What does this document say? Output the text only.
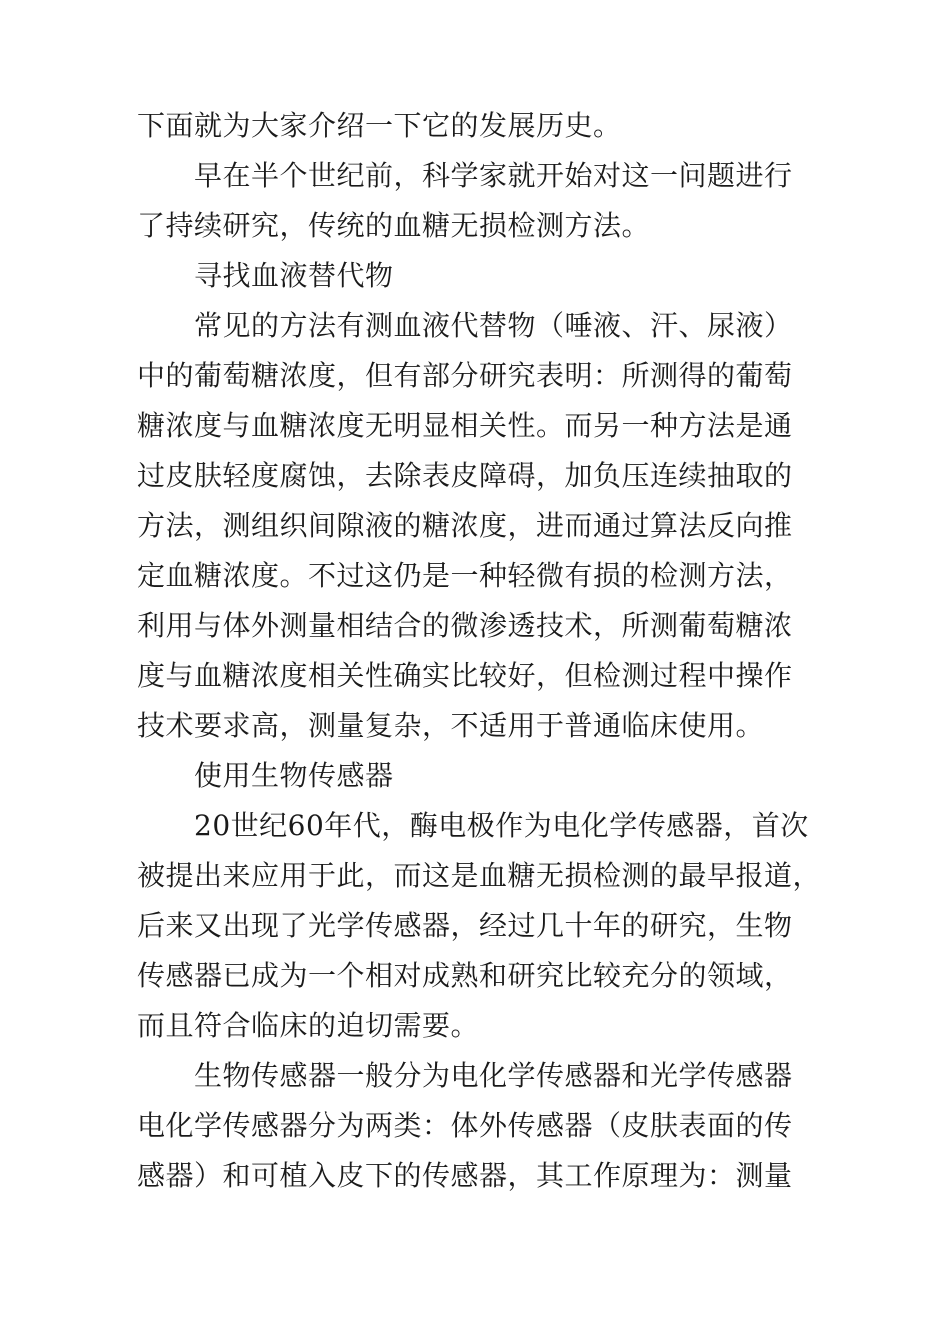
下面就为大家介绍一下它的发展历史。
早在半个世纪前，科学家就开始对这一问题进行
了持续研究，传统的血糖无损检测方法。
寻找血液替代物
常见的方法有测血液代替物（唾液、汗、尿液）
中的葡萄糖浓度，但有部分研究表明：所测得的葡萄
糖浓度与血糖浓度无明显相关性。而另一种方法是通
过皮肤轻度腐蚀，去除表皮障碍，加负压连续抽取的
方法，测组织间隙液的糖浓度，进而通过算法反向推
定血糖浓度。不过这仍是一种轻微有损的检测方法，
利用与体外测量相结合的微渗透技术，所测葡萄糖浓
度与血糖浓度相关性确实比较好，但检测过程中操作
技术要求高，测量复杂，不适用于普通临床使用。
使用生物传感器
20世纪60年代，酶电极作为电化学传感器，首次
被提出来应用于此，而这是血糖无损检测的最早报道，
后来又出现了光学传感器，经过几十年的研究，生物
传感器已成为一个相对成熟和研究比较充分的领域，
而且符合临床的迫切需要。
生物传感器一般分为电化学传感器和光学传感器
电化学传感器分为两类：体外传感器（皮肤表面的传
感器）和可植入皮下的传感器，其工作原理为：测量
